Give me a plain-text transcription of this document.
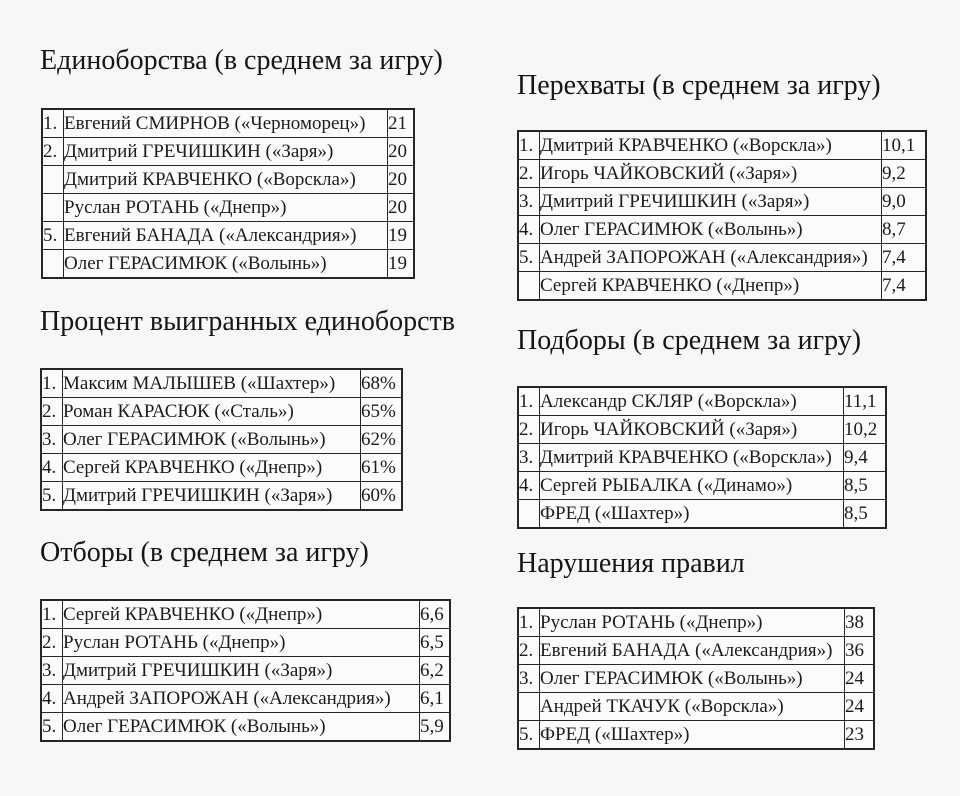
Единоборства (в среднем за игру)
1.	Евгений СМИРНОВ («Черноморец»)	21
2.	Дмитрий ГРЕЧИШКИН («Заря»)	20
	Дмитрий КРАВЧЕНКО («Ворскла»)	20
	Руслан РОТАНЬ («Днепр»)	20
5.	Евгений БАНАДА («Александрия»)	19
	Олег ГЕРАСИМЮК («Волынь»)	19
Процент выигранных единоборств
1.	Максим МАЛЫШЕВ («Шахтер»)	68%
2.	Роман КАРАСЮК («Сталь»)	65%
3.	Олег ГЕРАСИМЮК («Волынь»)	62%
4.	Сергей КРАВЧЕНКО («Днепр»)	61%
5.	Дмитрий ГРЕЧИШКИН («Заря»)	60%
Отборы (в среднем за игру)
1.	Сергей КРАВЧЕНКО («Днепр»)	6,6
2.	Руслан РОТАНЬ («Днепр»)	6,5
3.	Дмитрий ГРЕЧИШКИН («Заря»)	6,2
4.	Андрей ЗАПОРОЖАН («Александрия»)	6,1
5.	Олег ГЕРАСИМЮК («Волынь»)	5,9
Перехваты (в среднем за игру)
1.	Дмитрий КРАВЧЕНКО («Ворскла»)	10,1
2.	Игорь ЧАЙКОВСКИЙ («Заря»)	9,2
3.	Дмитрий ГРЕЧИШКИН («Заря»)	9,0
4.	Олег ГЕРАСИМЮК («Волынь»)	8,7
5.	Андрей ЗАПОРОЖАН («Александрия»)	7,4
	Сергей КРАВЧЕНКО («Днепр»)	7,4
Подборы (в среднем за игру)
1.	Александр СКЛЯР («Ворскла»)	11,1
2.	Игорь ЧАЙКОВСКИЙ («Заря»)	10,2
3.	Дмитрий КРАВЧЕНКО («Ворскла»)	9,4
4.	Сергей РЫБАЛКА («Динамо»)	8,5
	ФРЕД («Шахтер»)	8,5
Нарушения правил
1.	Руслан РОТАНЬ («Днепр»)	38
2.	Евгений БАНАДА («Александрия»)	36
3.	Олег ГЕРАСИМЮК («Волынь»)	24
	Андрей ТКАЧУК («Ворскла»)	24
5.	ФРЕД («Шахтер»)	23
